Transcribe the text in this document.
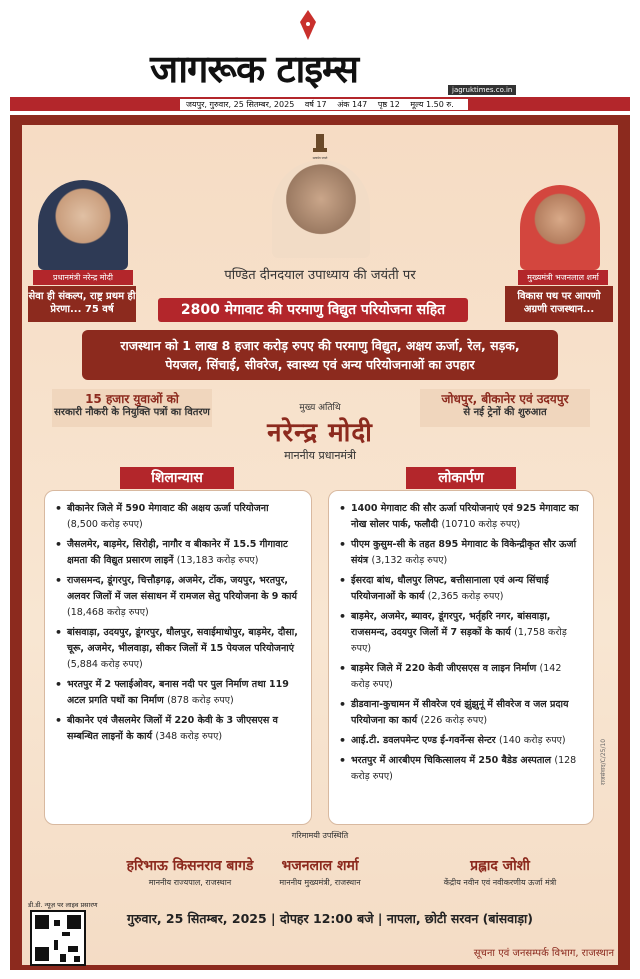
जागरूक टाइम्स	jagruktimes.co.in
जयपुर, गुरुवार, 25 सितम्बर, 2025 वर्ष 17 अंक 147 पृष्ठ 12 मूल्य 1.50 रु.
सत्यमेव जयते
प्रधानमंत्री नरेन्द्र मोदी	मुख्यमंत्री भजनलाल शर्मा
सेवा ही संकल्प, राष्ट्र प्रथम ही प्रेरणा... 75 वर्ष
विकास पथ पर आपणो अग्रणी राजस्थान...
पण्डित दीनदयाल उपाध्याय की जयंती पर
2800 मेगावाट की परमाणु विद्युत परियोजना सहित
राजस्थान को 1 लाख 8 हजार करोड़ रुपए की परमाणु विद्युत, अक्षय ऊर्जा, रेल, सड़क,
पेयजल, सिंचाई, सीवरेज, स्वास्थ्य एवं अन्य परियोजनाओं का उपहार
15 हजार युवाओं को
सरकारी नौकरी के नियुक्ति पत्रों का वितरण
जोधपुर, बीकानेर एवं उदयपुर
से नई ट्रेनों की शुरुआत
मुख्य अतिथि
नरेन्द्र मोदी
माननीय प्रधानमंत्री
शिलान्यास	लोकार्पण
• बीकानेर जिले में 590 मेगावाट की अक्षय ऊर्जा परियोजना (8,500 करोड़ रुपए)
• जैसलमेर, बाड़मेर, सिरोही, नागौर व बीकानेर में 15.5 गीगावाट क्षमता की विद्युत प्रसारण लाइनें (13,183 करोड़ रुपए)
• राजसमन्द, डूंगरपुर, चित्तौड़गढ़, अजमेर, टोंक, जयपुर, भरतपुर, अलवर जिलों में जल संसाधन में रामजल सेतु परियोजना के 9 कार्य (18,468 करोड़ रुपए)
• बांसवाड़ा, उदयपुर, डूंगरपुर, धौलपुर, सवाईमाधोपुर, बाड़मेर, दौसा, चूरू, अजमेर, भीलवाड़ा, सीकर जिलों में 15 पेयजल परियोजनाएं (5,884 करोड़ रुपए)
• भरतपुर में 2 फ्लाईओवर, बनास नदी पर पुल निर्माण तथा 119 अटल प्रगति पथों का निर्माण (878 करोड़ रुपए)
• बीकानेर एवं जैसलमेर जिलों में 220 केवी के 3 जीएसएस व सम्बन्धित लाइनों के कार्य (348 करोड़ रुपए)
• 1400 मेगावाट की सौर ऊर्जा परियोजनाएं एवं 925 मेगावाट का नोख सोलर पार्क, फलौदी (10710 करोड़ रुपए)
• पीएम कुसुम-सी के तहत 895 मेगावाट के विकेन्द्रीकृत सौर ऊर्जा संयंत्र (3,132 करोड़ रुपए)
• ईसरदा बांध, धौलपुर लिफ्ट, बत्तीसानाला एवं अन्य सिंचाई परियोजनाओं के कार्य (2,365 करोड़ रुपए)
• बाड़मेर, अजमेर, ब्यावर, डूंगरपुर, भर्तृहरि नगर, बांसवाड़ा, राजसमन्द, उदयपुर जिलों में 7 सड़कों के कार्य (1,758 करोड़ रुपए)
• बाड़मेर जिले में 220 केवी जीएसएस व लाइन निर्माण (142 करोड़ रुपए)
• डीडवाना-कुचामन में सीवरेज एवं झुंझुनूं में सीवरेज व जल प्रदाय परियोजना का कार्य (226 करोड़ रुपए)
• आई.टी. डवलपमेन्ट एण्ड ई-गवर्नेन्स सेन्टर (140 करोड़ रुपए)
• भरतपुर में आरबीएम चिकित्सालय में 250 बैडेड अस्पताल (128 करोड़ रुपए)	राजसंवाद/C/25/10
गरिमामयी उपस्थिति
हरिभाऊ किसनराव बागडे
माननीय राज्यपाल, राजस्थान
भजनलाल शर्मा
माननीय मुख्यमंत्री, राजस्थान
प्रह्लाद जोशी
केंद्रीय नवीन एवं नवीकरणीय ऊर्जा मंत्री
डी.डी. न्यूज़ पर लाइव प्रसारण
गुरुवार, 25 सितम्बर, 2025 | दोपहर 12:00 बजे | नापला, छोटी सरवन (बांसवाड़ा)
सूचना एवं जनसम्पर्क विभाग, राजस्थान
